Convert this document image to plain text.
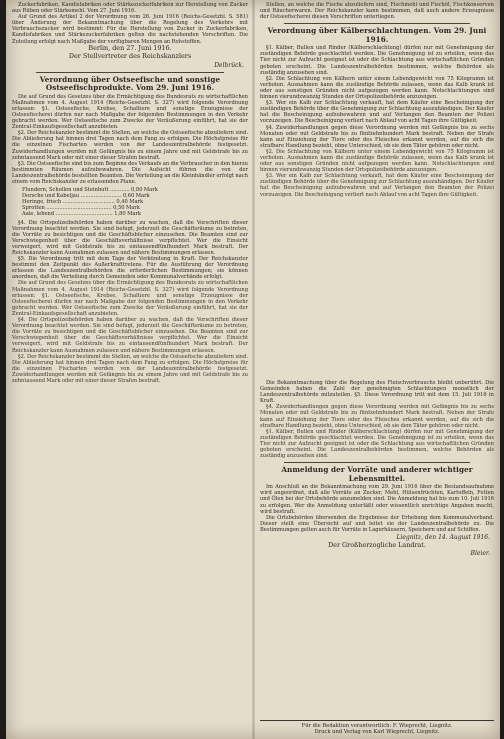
Zuckerfabriken, Kandisfabriken oder Stärkezuckerfabriken zur Herstellung von Zucker aus Rüben oder Stärkemehl. Vom 27. Juni 1916.

Auf Grund des Artikel 2 der Verordnung vom 26. Juni 1916 (Reichs-Gesetzbl. S. 581) über Änderung der Bekanntmachung über die Regelung des Verkehrs mit Verbrauchszucker wird bestimmt: Für die Herstellung von Zucker in Zuckerfabriken, Kandisfabriken und Stärkezuckerfabriken gelten die nachstehenden Vorschriften. Die Zuteilung erfolgt nach Maßgabe der verfügbaren Mengen an Rohstoffen.

Berlin, den 27. Juni 1916.

Der Stellvertreter des Reichskanzlers

Delbrück.

Verordnung über Ostseefische und sonstige Ostseefischprodukte. Vom 29. Juni 1916.

Die auf Grund des Gesetzes über die Ermächtigung des Bundesrats zu wirtschaftlichen Maßnahmen vom 4. August 1914 (Reichs-Gesetzbl. S. 327) wird folgende Verordnung erlassen: §1. Ostseefische, Krebse, Schaltiere und sonstige Erzeugnisse der Ostseefischerei dürfen nur nach Maßgabe der folgenden Bestimmungen in den Verkehr gebracht werden. Wer Ostseefische zum Zwecke der Veräußerung einführt, hat sie der Zentral-Einkaufsgesellschaft anzubieten.

§2. Der Reichskanzler bestimmt die Stellen, an welche die Ostseefische abzuliefern sind. Die Ablieferung hat binnen drei Tagen nach dem Fang zu erfolgen. Die Höchstpreise für die einzelnen Fischarten werden von der Landeszentralbehörde festgesetzt. Zuwiderhandlungen werden mit Gefängnis bis zu einem Jahre und mit Geldstrafe bis zu zehntausend Mark oder mit einer dieser Strafen bestraft.

§3. Die Ostseefische sind bis zum Beginne des Verkaufs an die Verbraucher in den hierzu bestimmten Räumen aufzubewahren. Die Aufsicht führen die von der Landeszentralbehörde bestellten Beamten. Die Verteilung an die Kleinhändler erfolgt nach einem vom Reichskanzler zu erlassenden Plane.

Flundern, Schollen und Steinbutt ............ 0,80 Mark

Dorsche und Kabeljau ......................... 0,60 Mark

Heringe, frisch ................................ 0,40 Mark

Sprotten ........................................ 0,50 Mark

Aale, lebend ................................... 1,80 Mark

§4. Die Ortspolizeibehörden haben darüber zu wachen, daß die Vorschriften dieser Verordnung beachtet werden. Sie sind befugt, jederzeit die Geschäftsräume zu betreten, die Vorräte zu besichtigen und die Geschäftsbücher einzusehen. Die Beamten sind zur Verschwiegenheit über die Geschäftsverhältnisse verpflichtet. Wer die Einsicht verweigert, wird mit Geldstrafe bis zu eintausendfünfhundert Mark bestraft. Der Reichskanzler kann Ausnahmen zulassen und nähere Bestimmungen erlassen.

§5. Die Verordnung tritt mit dem Tage der Verkündung in Kraft. Der Reichskanzler bestimmt den Zeitpunkt des Außerkrafttretens. Für die Ausführung der Verordnung erlassen die Landeszentralbehörden die erforderlichen Bestimmungen; sie können anordnen, daß die Verteilung durch Gemeinden oder Kommunalverbände erfolgt.

Die auf Grund des Gesetzes über die Ermächtigung des Bundesrats zu wirtschaftlichen Maßnahmen vom 4. August 1914 (Reichs-Gesetzbl. S. 327) wird folgende Verordnung erlassen: §1. Ostseefische, Krebse, Schaltiere und sonstige Erzeugnisse der Ostseefischerei dürfen nur nach Maßgabe der folgenden Bestimmungen in den Verkehr gebracht werden. Wer Ostseefische zum Zwecke der Veräußerung einführt, hat sie der Zentral-Einkaufsgesellschaft anzubieten.

§4. Die Ortspolizeibehörden haben darüber zu wachen, daß die Vorschriften dieser Verordnung beachtet werden. Sie sind befugt, jederzeit die Geschäftsräume zu betreten, die Vorräte zu besichtigen und die Geschäftsbücher einzusehen. Die Beamten sind zur Verschwiegenheit über die Geschäftsverhältnisse verpflichtet. Wer die Einsicht verweigert, wird mit Geldstrafe bis zu eintausendfünfhundert Mark bestraft. Der Reichskanzler kann Ausnahmen zulassen und nähere Bestimmungen erlassen.

§2. Der Reichskanzler bestimmt die Stellen, an welche die Ostseefische abzuliefern sind. Die Ablieferung hat binnen drei Tagen nach dem Fang zu erfolgen. Die Höchstpreise für die einzelnen Fischarten werden von der Landeszentralbehörde festgesetzt. Zuwiderhandlungen werden mit Gefängnis bis zu einem Jahre und mit Geldstrafe bis zu zehntausend Mark oder mit einer dieser Strafen bestraft.

Stellen, an welche die Fische abzuliefern sind, Fischmehl und Fischöl, Fischkonserven und Räucherwaren. Der Reichskanzler kann bestimmen, daß auch andere Erzeugnisse der Ostseefischerei diesen Vorschriften unterliegen.

Verordnung über Kälberschlachtungen. Vom 29. Juni 1916.

§1. Kälber, Bullen und Rinder (Kälberschlachtung) dürfen nur mit Genehmigung der zuständigen Behörde geschlachtet werden. Die Genehmigung ist zu erteilen, wenn das Tier nicht zur Aufzucht geeignet ist oder die Schlachtung aus wirtschaftlichen Gründen geboten erscheint. Die Landeszentralbehörden bestimmen, welche Behörden als zuständig anzusehen sind.

§2. Die Schlachtung von Kälbern unter einem Lebendgewicht von 75 Kilogramm ist verboten. Ausnahmen kann die zuständige Behörde zulassen, wenn das Kalb krank ist oder aus sonstigen Gründen nicht aufgezogen werden kann. Notschlachtungen sind binnen vierundzwanzig Stunden der Ortspolizeibehörde anzuzeigen.

§3. Wer ein Kalb zur Schlachtung verkauft, hat dem Käufer eine Bescheinigung der zuständigen Behörde über die Genehmigung zur Schlachtung auszuhändigen. Der Käufer hat die Bescheinigung aufzubewahren und auf Verlangen den Beamten der Polizei vorzuzeigen. Die Bescheinigung verliert nach Ablauf von acht Tagen ihre Gültigkeit.

§4. Zuwiderhandlungen gegen diese Verordnung werden mit Gefängnis bis zu sechs Monaten oder mit Geldstrafe bis zu fünfzehnhundert Mark bestraft. Neben der Strafe kann auf Einziehung der Tiere oder des Fleisches erkannt werden, auf die sich die strafbare Handlung bezieht, ohne Unterschied, ob sie dem Täter gehören oder nicht.

§2. Die Schlachtung von Kälbern unter einem Lebendgewicht von 75 Kilogramm ist verboten. Ausnahmen kann die zuständige Behörde zulassen, wenn das Kalb krank ist oder aus sonstigen Gründen nicht aufgezogen werden kann. Notschlachtungen sind binnen vierundzwanzig Stunden der Ortspolizeibehörde anzuzeigen.

§3. Wer ein Kalb zur Schlachtung verkauft, hat dem Käufer eine Bescheinigung der zuständigen Behörde über die Genehmigung zur Schlachtung auszuhändigen. Der Käufer hat die Bescheinigung aufzubewahren und auf Verlangen den Beamten der Polizei vorzuzeigen. Die Bescheinigung verliert nach Ablauf von acht Tagen ihre Gültigkeit.

Die Bekanntmachung über die Regelung des Fleischverbrauchs bleibt unberührt. Die Gemeinden haben die Zahl der genehmigten Schlachtungen monatlich der Landeszentralbehörde mitzuteilen. §5. Diese Verordnung tritt mit dem 15. Juli 1916 in Kraft.

§4. Zuwiderhandlungen gegen diese Verordnung werden mit Gefängnis bis zu sechs Monaten oder mit Geldstrafe bis zu fünfzehnhundert Mark bestraft. Neben der Strafe kann auf Einziehung der Tiere oder des Fleisches erkannt werden, auf die sich die strafbare Handlung bezieht, ohne Unterschied, ob sie dem Täter gehören oder nicht.

§1. Kälber, Bullen und Rinder (Kälberschlachtung) dürfen nur mit Genehmigung der zuständigen Behörde geschlachtet werden. Die Genehmigung ist zu erteilen, wenn das Tier nicht zur Aufzucht geeignet ist oder die Schlachtung aus wirtschaftlichen Gründen geboten erscheint. Die Landeszentralbehörden bestimmen, welche Behörden als zuständig anzusehen sind.

Anmeldung der Vorräte und anderer wichtiger Lebensmittel.

Im Anschluß an die Bekanntmachung vom 29. Juni 1916 über die Bestandsaufnahme wird angeordnet, daß alle Vorräte an Zucker, Mehl, Hülsenfrüchten, Kartoffeln, Fetten und Ölen bei der Ortsbehörde anzumelden sind. Die Anmeldung hat bis zum 10. Juli 1916 zu erfolgen. Wer die Anmeldung unterläßt oder wissentlich unrichtige Angaben macht, wird bestraft.

Die Ortsbehörden übersenden die Ergebnisse der Erhebung dem Kommunalverband. Dieser stellt eine Übersicht auf und leitet sie der Landeszentralbehörde zu. Die Bestimmungen gelten auch für Vorräte in Lagerhäusern, Speichern und auf Schiffen.

Liegnitz, den 14. August 1916.

Der Großherzogliche Landrat.

Bleier.

Für die Redaktion verantwortlich: F. Wieprecht, Liegnitz.
Druck und Verlag von Karl Wieprecht, Liegnitz.
